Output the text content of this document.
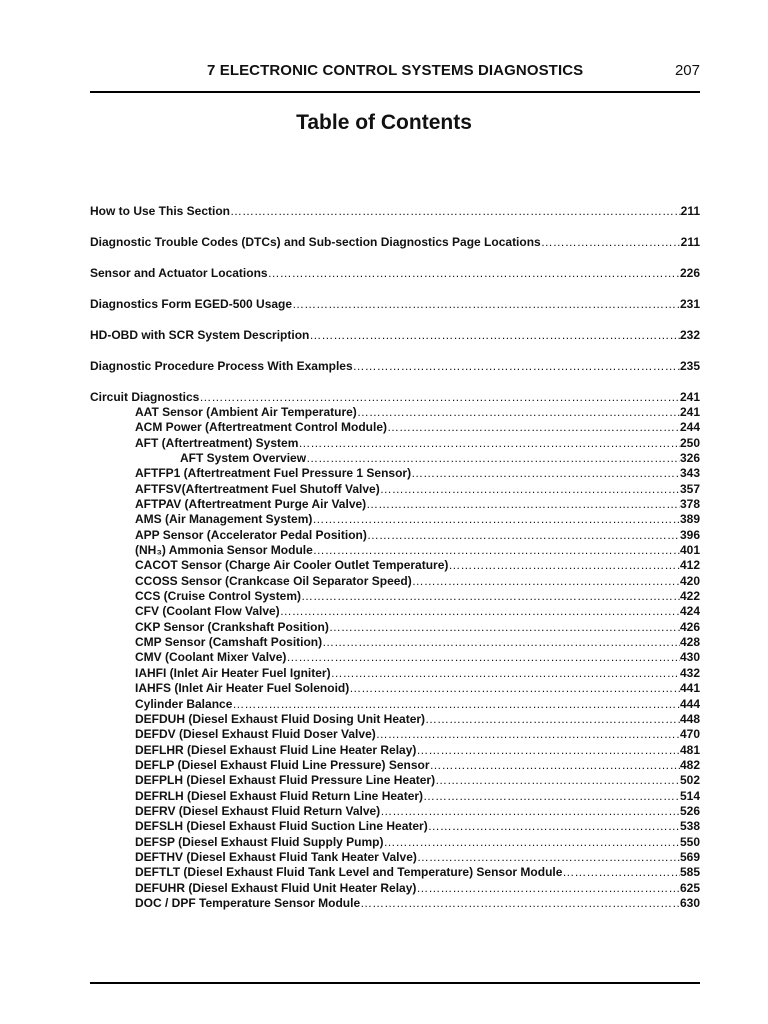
7 ELECTRONIC CONTROL SYSTEMS DIAGNOSTICS	207
Table of Contents
How to Use This Section ……………………………………………………………………………………………………………………………………………………………………………	211
Diagnostic Trouble Codes (DTCs) and Sub-section Diagnostics Page Locations ……………………………………………………………………………………………………………………………………………………………………………	211
Sensor and Actuator Locations ……………………………………………………………………………………………………………………………………………………………………………	226
Diagnostics Form EGED-500 Usage ……………………………………………………………………………………………………………………………………………………………………………	231
HD-OBD with SCR System Description ……………………………………………………………………………………………………………………………………………………………………………	232
Diagnostic Procedure Process With Examples ……………………………………………………………………………………………………………………………………………………………………………	235
Circuit Diagnostics ……………………………………………………………………………………………………………………………………………………………………………	241
AAT Sensor (Ambient Air Temperature) ……………………………………………………………………………………………………………………………………………………………………………	241
ACM Power (Aftertreatment Control Module) ……………………………………………………………………………………………………………………………………………………………………………	244
AFT (Aftertreatment) System ……………………………………………………………………………………………………………………………………………………………………………	250
AFT System Overview ……………………………………………………………………………………………………………………………………………………………………………	326
AFTFP1 (Aftertreatment Fuel Pressure 1 Sensor) ……………………………………………………………………………………………………………………………………………………………………………	343
AFTFSV(Aftertreatment Fuel Shutoff Valve) ……………………………………………………………………………………………………………………………………………………………………………	357
AFTPAV (Aftertreatment Purge Air Valve) ……………………………………………………………………………………………………………………………………………………………………………	378
AMS (Air Management System) ……………………………………………………………………………………………………………………………………………………………………………	389
APP Sensor (Accelerator Pedal Position) ……………………………………………………………………………………………………………………………………………………………………………	396
(NH₃) Ammonia Sensor Module ……………………………………………………………………………………………………………………………………………………………………………	401
CACOT Sensor (Charge Air Cooler Outlet Temperature) ……………………………………………………………………………………………………………………………………………………………………………	412
CCOSS Sensor (Crankcase Oil Separator Speed) ……………………………………………………………………………………………………………………………………………………………………………	420
CCS (Cruise Control System) ……………………………………………………………………………………………………………………………………………………………………………	422
CFV (Coolant Flow Valve) ……………………………………………………………………………………………………………………………………………………………………………	424
CKP Sensor (Crankshaft Position) ……………………………………………………………………………………………………………………………………………………………………………	426
CMP Sensor (Camshaft Position) ……………………………………………………………………………………………………………………………………………………………………………	428
CMV (Coolant Mixer Valve) ……………………………………………………………………………………………………………………………………………………………………………	430
IAHFI (Inlet Air Heater Fuel Igniter) ……………………………………………………………………………………………………………………………………………………………………………	432
IAHFS (Inlet Air Heater Fuel Solenoid) ……………………………………………………………………………………………………………………………………………………………………………	441
Cylinder Balance ……………………………………………………………………………………………………………………………………………………………………………	444
DEFDUH (Diesel Exhaust Fluid Dosing Unit Heater) ……………………………………………………………………………………………………………………………………………………………………………	448
DEFDV (Diesel Exhaust Fluid Doser Valve) ……………………………………………………………………………………………………………………………………………………………………………	470
DEFLHR (Diesel Exhaust Fluid Line Heater Relay) ……………………………………………………………………………………………………………………………………………………………………………	481
DEFLP (Diesel Exhaust Fluid Line Pressure) Sensor ……………………………………………………………………………………………………………………………………………………………………………	482
DEFPLH (Diesel Exhaust Fluid Pressure Line Heater) ……………………………………………………………………………………………………………………………………………………………………………	502
DEFRLH (Diesel Exhaust Fluid Return Line Heater) ……………………………………………………………………………………………………………………………………………………………………………	514
DEFRV (Diesel Exhaust Fluid Return Valve) ……………………………………………………………………………………………………………………………………………………………………………	526
DEFSLH (Diesel Exhaust Fluid Suction Line Heater) ……………………………………………………………………………………………………………………………………………………………………………	538
DEFSP (Diesel Exhaust Fluid Supply Pump) ……………………………………………………………………………………………………………………………………………………………………………	550
DEFTHV (Diesel Exhaust Fluid Tank Heater Valve) ……………………………………………………………………………………………………………………………………………………………………………	569
DEFTLT (Diesel Exhaust Fluid Tank Level and Temperature) Sensor Module ……………………………………………………………………………………………………………………………………………………………………………	585
DEFUHR (Diesel Exhaust Fluid Unit Heater Relay) ……………………………………………………………………………………………………………………………………………………………………………	625
DOC / DPF Temperature Sensor Module ……………………………………………………………………………………………………………………………………………………………………………	630
